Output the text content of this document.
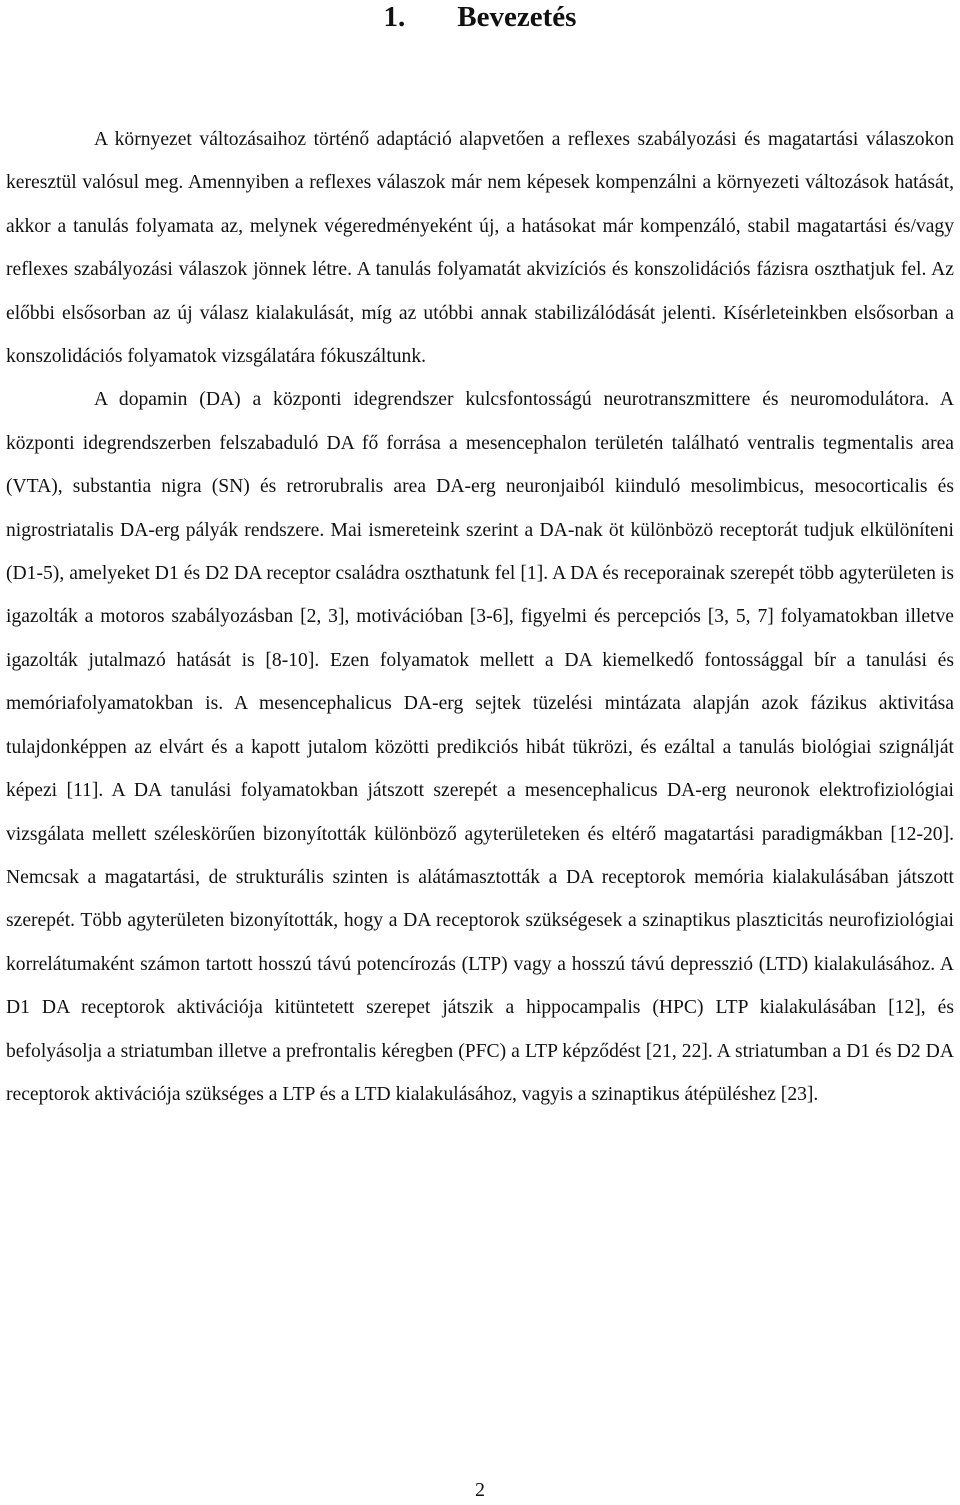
1. Bevezetés

A környezet változásaihoz történő adaptáció alapvetően a reflexes szabályozási és magatartási válaszokon keresztül valósul meg. Amennyiben a reflexes válaszok már nem képesek kompenzálni a környezeti változások hatását, akkor a tanulás folyamata az, melynek végeredményeként új, a hatásokat már kompenzáló, stabil magatartási és/vagy reflexes szabályozási válaszok jönnek létre. A tanulás folyamatát akvizíciós és konszolidációs fázisra oszthatjuk fel. Az előbbi elsősorban az új válasz kialakulását, míg az utóbbi annak stabilizálódását jelenti. Kísérleteinkben elsősorban a konszolidációs folyamatok vizsgálatára fókuszáltunk.

A dopamin (DA) a központi idegrendszer kulcsfontosságú neurotranszmittere és neuromodulátora. A központi idegrendszerben felszabaduló DA fő forrása a mesencephalon területén található ventralis tegmentalis area (VTA), substantia nigra (SN) és retrorubralis area DA-erg neuronjaiból kiinduló mesolimbicus, mesocorticalis és nigrostriatalis DA-erg pályák rendszere. Mai ismereteink szerint a DA-nak öt különbözö receptorát tudjuk elkülöníteni (D1-5), amelyeket D1 és D2 DA receptor családra oszthatunk fel [1]. A DA és receporainak szerepét több agyterületen is igazolták a motoros szabályozásban [2, 3], motivációban [3-6], figyelmi és percepciós [3, 5, 7] folyamatokban illetve igazolták jutalmazó hatását is [8-10]. Ezen folyamatok mellett a DA kiemelkedő fontossággal bír a tanulási és memóriafolyamatokban is. A mesencephalicus DA-erg sejtek tüzelési mintázata alapján azok fázikus aktivitása tulajdonképpen az elvárt és a kapott jutalom közötti predikciós hibát tükrözi, és ezáltal a tanulás biológiai szignálját képezi [11]. A DA tanulási folyamatokban játszott szerepét a mesencephalicus DA-erg neuronok elektrofiziológiai vizsgálata mellett széleskörűen bizonyították különböző agyterületeken és eltérő magatartási paradigmákban [12-20]. Nemcsak a magatartási, de strukturális szinten is alátámasztották a DA receptorok memória kialakulásában játszott szerepét. Több agyterületen bizonyították, hogy a DA receptorok szükségesek a szinaptikus plaszticitás neurofiziológiai korrelátumaként számon tartott hosszú távú potencírozás (LTP) vagy a hosszú távú depresszió (LTD) kialakulásához. A D1 DA receptorok aktivációja kitüntetett szerepet játszik a hippocampalis (HPC) LTP kialakulásában [12], és befolyásolja a striatumban illetve a prefrontalis kéregben (PFC) a LTP képződést [21, 22]. A striatumban a D1 és D2 DA receptorok aktivációja szükséges a LTP és a LTD kialakulásához, vagyis a szinaptikus átépüléshez [23].

2
